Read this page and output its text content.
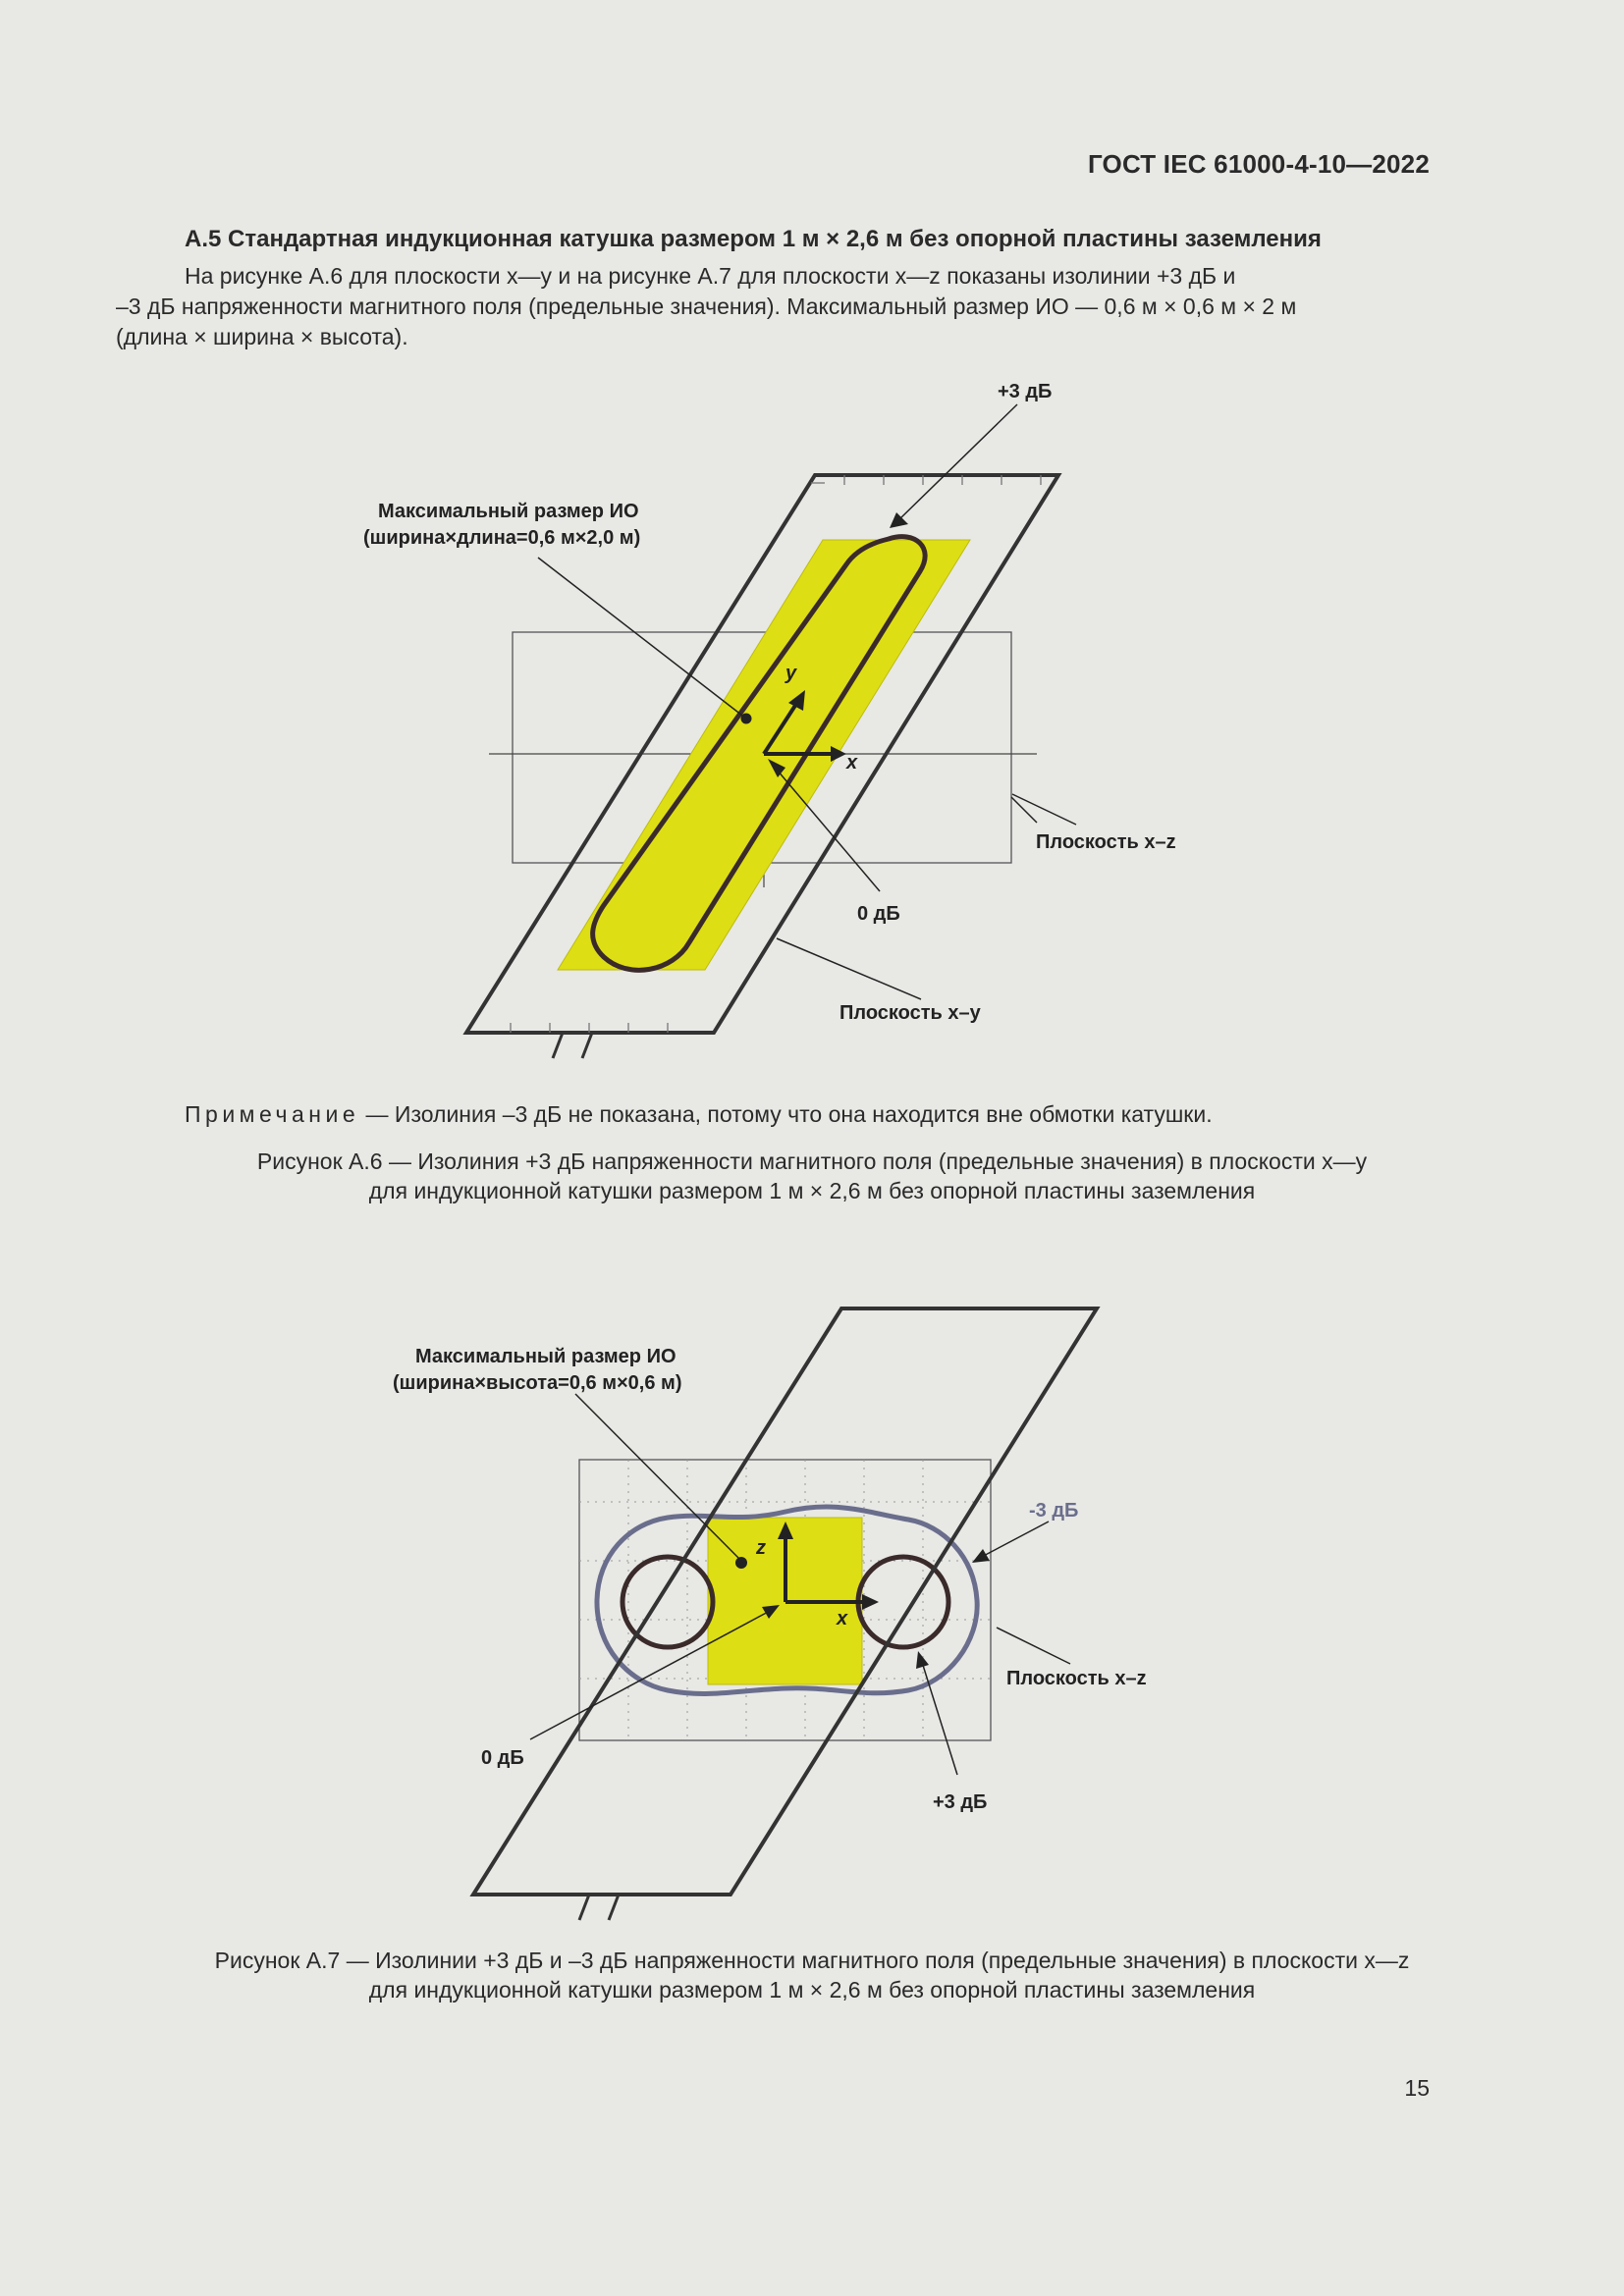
ГОСТ IEC 61000-4-10—2022
А.5 Стандартная индукционная катушка размером 1 м × 2,6 м без опорной пластины заземления
На рисунке А.6 для плоскости x—y и на рисунке А.7 для плоскости x—z показаны изолинии +3 дБ и
–3 дБ напряженности магнитного поля (предельные значения). Максимальный размер ИО — 0,6 м × 0,6 м × 2 м
(длина × ширина × высота).
+3 дБ
Максимальный размер ИО
(ширина×длина=0,6 м×2,0 м)
y
x
Плоскость x–z
0 дБ
Плоскость x–y
Максимальный размер ИО
(ширина×высота=0,6 м×0,6 м)
-3 дБ
z
x
Плоскость x–z
0 дБ
+3 дБ
Примечание — Изолиния –3 дБ не показана, потому что она находится вне обмотки катушки.
Рисунок А.6 — Изолиния +3 дБ напряженности магнитного поля (предельные значения) в плоскости x—y
для индукционной катушки размером 1 м × 2,6 м без опорной пластины заземления
Рисунок А.7 — Изолинии +3 дБ и –3 дБ напряженности магнитного поля (предельные значения) в плоскости x—z
для индукционной катушки размером 1 м × 2,6 м без опорной пластины заземления
15
